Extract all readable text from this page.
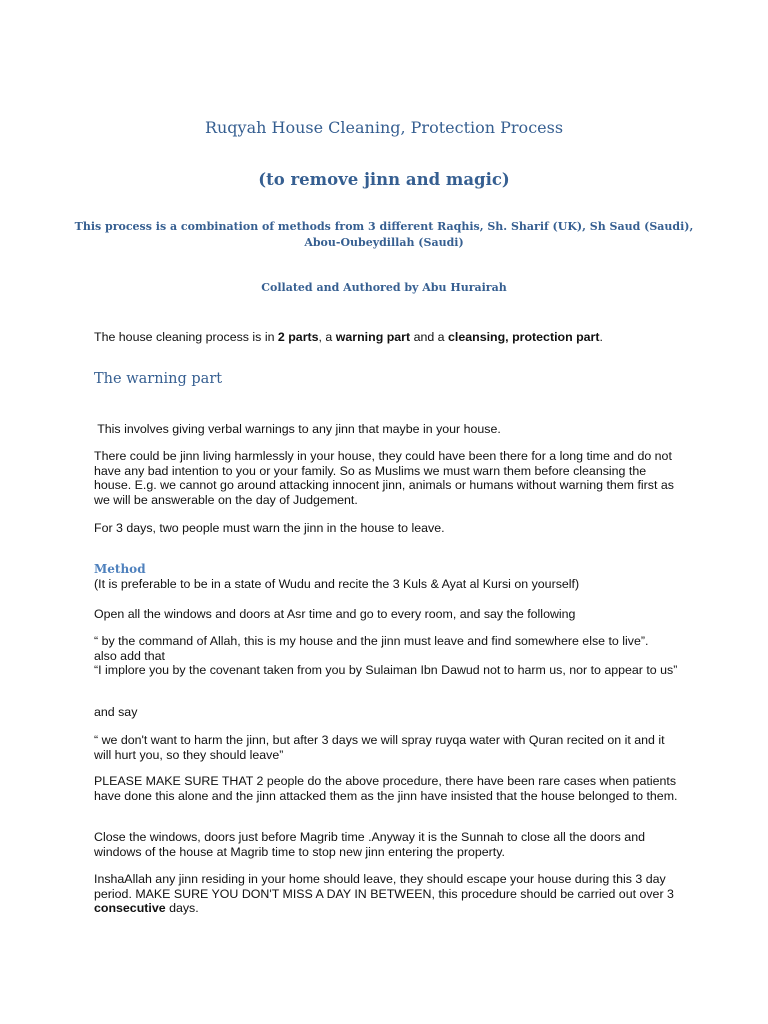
Ruqyah House Cleaning, Protection Process
(to remove jinn and magic)
This process is a combination of methods from 3 different Raqhis, Sh. Sharif (UK), Sh Saud (Saudi),
Abou-Oubeydillah (Saudi)
Collated and Authored by Abu Hurairah

The house cleaning process is in 2 parts, a warning part and a cleansing, protection part.

The warning part

This involves giving verbal warnings to any jinn that maybe in your house.

There could be jinn living harmlessly in your house, they could have been there for a long time and do not have any bad intention to you or your family. So as Muslims we must warn them before cleansing the house. E.g. we cannot go around attacking innocent jinn, animals or humans without warning them first as we will be answerable on the day of Judgement.

For 3 days, two people must warn the jinn in the house to leave.

Method

(It is preferable to be in a state of Wudu and recite the 3 Kuls & Ayat al Kursi on yourself)

Open all the windows and doors at Asr time and go to every room, and say the following

“ by the command of Allah, this is my house and the jinn must leave and find somewhere else to live”.
also add that
“I implore you by the covenant taken from you by Sulaiman Ibn Dawud not to harm us, nor to appear to us”

and say

“ we don't want to harm the jinn, but after 3 days we will spray ruyqa water with Quran recited on it and it will hurt you, so they should leave”

PLEASE MAKE SURE THAT 2 people do the above procedure, there have been rare cases when patients have done this alone and the jinn attacked them as the jinn have insisted that the house belonged to them.

Close the windows, doors just before Magrib time .Anyway it is the Sunnah to close all the doors and windows of the house at Magrib time to stop new jinn entering the property.

InshaAllah any jinn residing in your home should leave, they should escape your house during this 3 day period. MAKE SURE YOU DON'T MISS A DAY IN BETWEEN, this procedure should be carried out over 3 consecutive days.
